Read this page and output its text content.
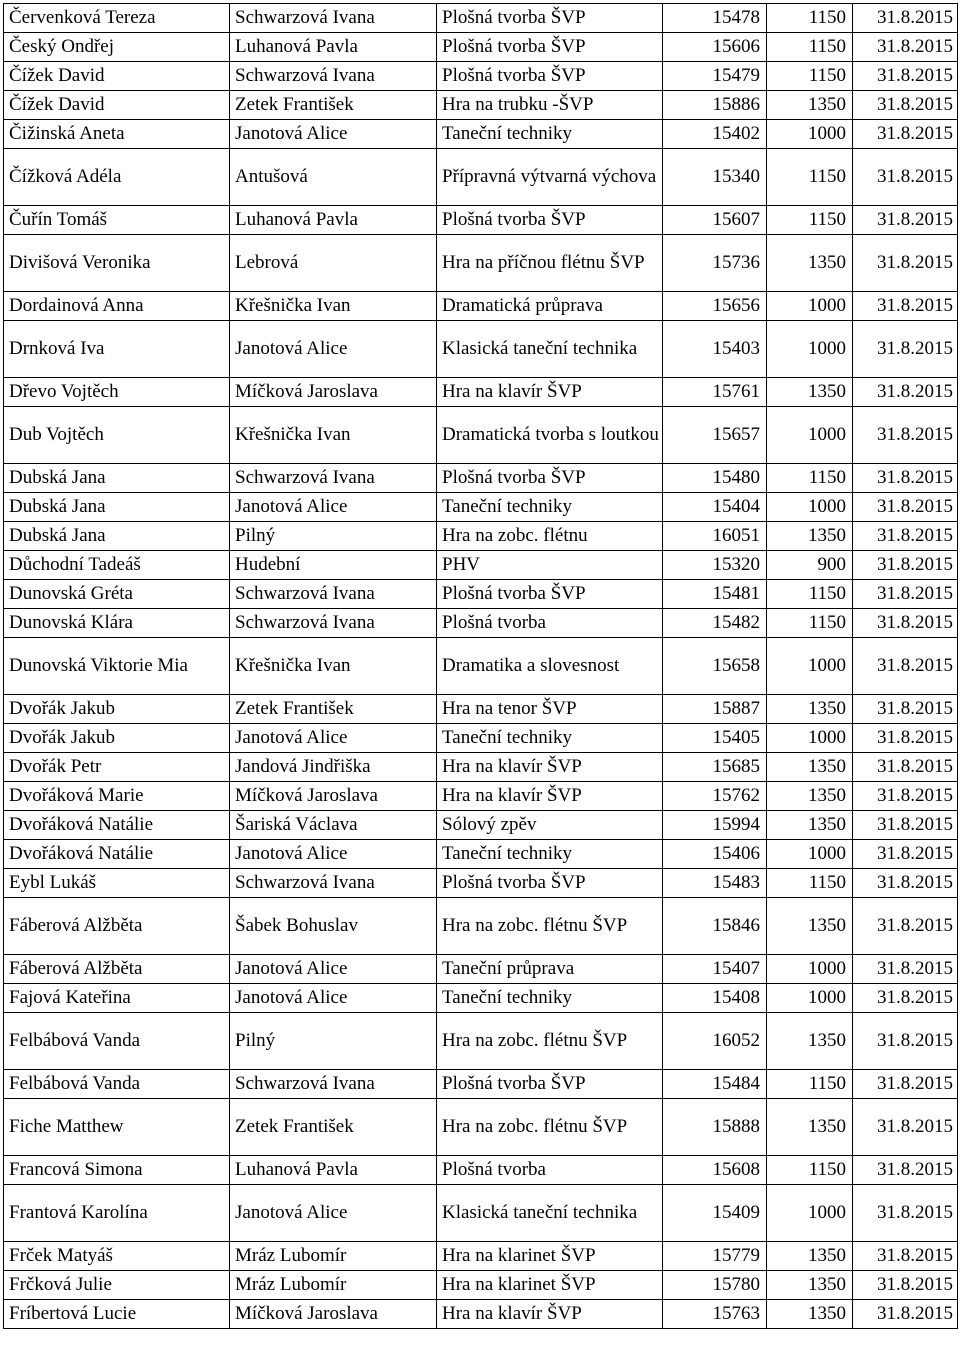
Červenková Tereza	Schwarzová Ivana	Plošná tvorba ŠVP	15478	1150	31.8.2015
Český Ondřej	Luhanová Pavla	Plošná tvorba ŠVP	15606	1150	31.8.2015
Čížek David	Schwarzová Ivana	Plošná tvorba ŠVP	15479	1150	31.8.2015
Čížek David	Zetek František	Hra na trubku -ŠVP	15886	1350	31.8.2015
Čižinská Aneta	Janotová Alice	Taneční techniky	15402	1000	31.8.2015
Čížková Adéla	Antušová	Přípravná výtvarná výchova	15340	1150	31.8.2015
Čuřín Tomáš	Luhanová Pavla	Plošná tvorba ŠVP	15607	1150	31.8.2015
Divišová Veronika	Lebrová	Hra na příčnou flétnu ŠVP	15736	1350	31.8.2015
Dordainová Anna	Křešnička Ivan	Dramatická průprava	15656	1000	31.8.2015
Drnková Iva	Janotová Alice	Klasická taneční technika	15403	1000	31.8.2015
Dřevo Vojtěch	Míčková Jaroslava	Hra na klavír ŠVP	15761	1350	31.8.2015
Dub Vojtěch	Křešnička Ivan	Dramatická tvorba s loutkou	15657	1000	31.8.2015
Dubská Jana	Schwarzová Ivana	Plošná tvorba ŠVP	15480	1150	31.8.2015
Dubská Jana	Janotová Alice	Taneční techniky	15404	1000	31.8.2015
Dubská Jana	Pilný	Hra na zobc. flétnu	16051	1350	31.8.2015
Důchodní Tadeáš	Hudební	PHV	15320	900	31.8.2015
Dunovská Gréta	Schwarzová Ivana	Plošná tvorba ŠVP	15481	1150	31.8.2015
Dunovská Klára	Schwarzová Ivana	Plošná tvorba	15482	1150	31.8.2015
Dunovská Viktorie Mia	Křešnička Ivan	Dramatika a slovesnost	15658	1000	31.8.2015
Dvořák Jakub	Zetek František	Hra na tenor ŠVP	15887	1350	31.8.2015
Dvořák Jakub	Janotová Alice	Taneční techniky	15405	1000	31.8.2015
Dvořák Petr	Jandová Jindřiška	Hra na klavír ŠVP	15685	1350	31.8.2015
Dvořáková Marie	Míčková Jaroslava	Hra na klavír ŠVP	15762	1350	31.8.2015
Dvořáková Natálie	Šariská Václava	Sólový zpěv	15994	1350	31.8.2015
Dvořáková Natálie	Janotová Alice	Taneční techniky	15406	1000	31.8.2015
Eybl Lukáš	Schwarzová Ivana	Plošná tvorba ŠVP	15483	1150	31.8.2015
Fáberová Alžběta	Šabek Bohuslav	Hra na zobc. flétnu ŠVP	15846	1350	31.8.2015
Fáberová Alžběta	Janotová Alice	Taneční průprava	15407	1000	31.8.2015
Fajová Kateřina	Janotová Alice	Taneční techniky	15408	1000	31.8.2015
Felbábová Vanda	Pilný	Hra na zobc. flétnu ŠVP	16052	1350	31.8.2015
Felbábová Vanda	Schwarzová Ivana	Plošná tvorba ŠVP	15484	1150	31.8.2015
Fiche Matthew	Zetek František	Hra na zobc. flétnu ŠVP	15888	1350	31.8.2015
Francová Simona	Luhanová Pavla	Plošná tvorba	15608	1150	31.8.2015
Frantová Karolína	Janotová Alice	Klasická taneční technika	15409	1000	31.8.2015
Frček Matyáš	Mráz Lubomír	Hra na klarinet ŠVP	15779	1350	31.8.2015
Frčková Julie	Mráz Lubomír	Hra na klarinet ŠVP	15780	1350	31.8.2015
Fríbertová Lucie	Míčková Jaroslava	Hra na klavír ŠVP	15763	1350	31.8.2015
